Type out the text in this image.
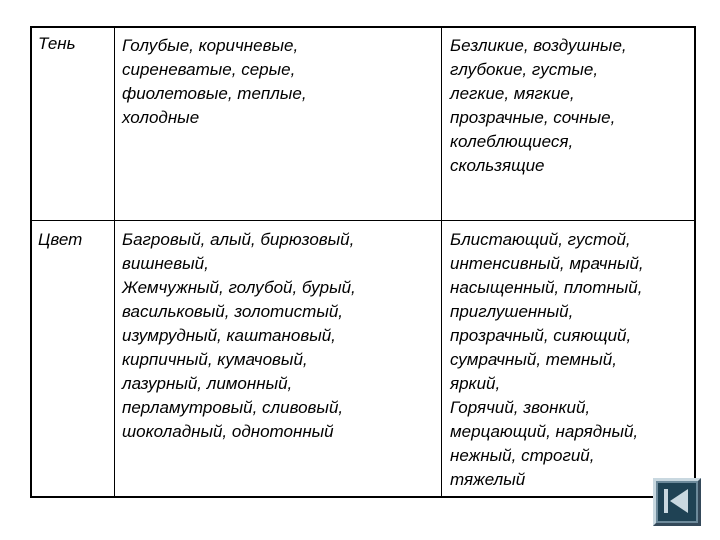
Тень	Голубые, коричневые,
сиреневатые, серые,
фиолетовые, теплые,
холодные
Безликие, воздушные,
глубокие, густые,
легкие, мягкие,
прозрачные, сочные,
колеблющиеся,
скользящие
Цвет Багровый, алый, бирюзовый,
вишневый,
Жемчужный, голубой, бурый,
васильковый, золотистый,
изумрудный, каштановый,
кирпичный, кумачовый,
лазурный, лимонный,
перламутровый, сливовый,
шоколадный, однотонный
Блистающий, густой,
интенсивный, мрачный,
насыщенный, плотный,
приглушенный,
прозрачный, сияющий,
сумрачный, темный,
яркий,
Горячий, звонкий,
мерцающий, нарядный,
нежный, строгий,
тяжелый
